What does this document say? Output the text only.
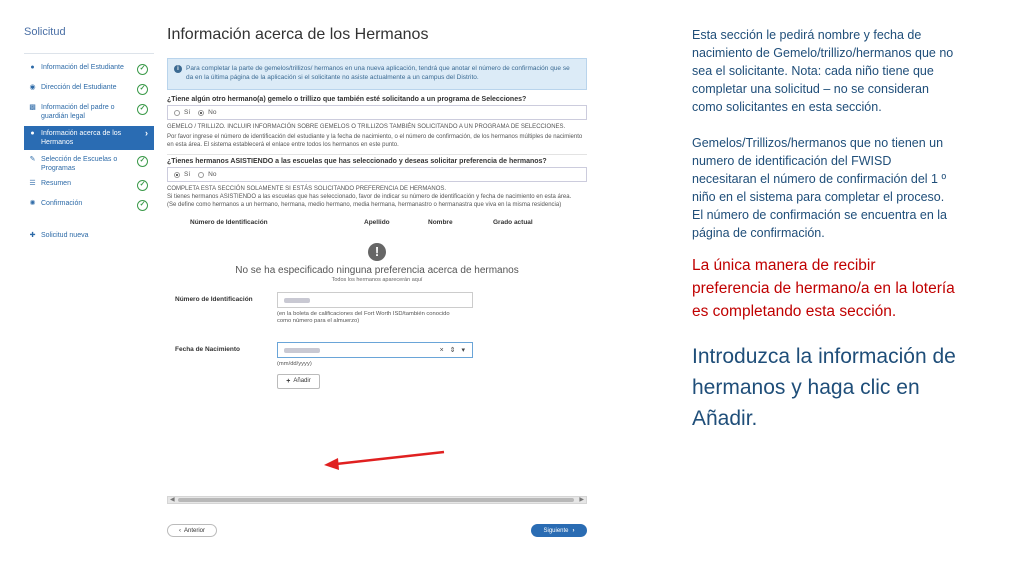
Solicitud
● Información del Estudiante	✓
◉ Dirección del Estudiante	✓
▩ Información del padre o guardián legal
✓
● Información acerca de los Hermanos
›
✎ Selección de Escuelas o Programas
✓
☰ Resumen	✓
✺ Confirmación	✓
✚ Solicitud nueva
Información acerca de los Hermanos
i	Para completar la parte de gemelos/trillizos/ hermanos en una nueva aplicación, tendrá que anotar el número de confirmación que se da en la última página de la aplicación si el solicitante no asiste actualmente a un campus del Distrito.
¿Tiene algún otro hermano(a) gemelo o trillizo que también esté solicitando a un programa de Selecciones?
Sí	No
GEMELO / TRILLIZO. INCLUIR INFORMACIÓN SOBRE GEMELOS O TRILLIZOS TAMBIÉN SOLICITANDO A UN PROGRAMA DE SELECCIONES.
Por favor ingrese el número de identificación del estudiante y la fecha de nacimiento, o el número de confirmación, de los hermanos múltiples de nacimiento en esta área. El sistema establecerá el enlace entre todos los hermanos en este punto.
¿Tienes hermanos ASISTIENDO a las escuelas que has seleccionado y deseas solicitar preferencia de hermanos?
Sí	No
COMPLETA ESTA SECCIÓN SOLAMENTE SI ESTÁS SOLICITANDO PREFERENCIA DE HERMANOS.
Si tienes hermanos ASISTIENDO a las escuelas que has seleccionado, favor de indicar su número de identificación y fecha de nacimiento en esta área.
(Se define como hermanos a un hermano, hermana, medio hermano, media hermana, hermanastro o hermanastra que viva en la misma residencia)
Número de Identificación	Apellido	Nombre	Grado actual
!
No se ha especificado ninguna preferencia acerca de hermanos
Todos los hermanos aparecerán aquí
Número de Identificación
(en la boleta de calificaciones del Fort Worth ISD/también conocido como número para el almuerzo)
Fecha de Nacimiento	× ⇕ ▾
(mm/dd/yyyy)
+ Añadir
◀	▶
‹ Anterior	Siguiente ›
Esta sección le pedirá nombre y fecha de nacimiento de Gemelo/trillizo/hermanos que no sea el solicitante. Nota: cada niño tiene que completar una solicitud – no se consideran como solicitantes en esta sección.
Gemelos/Trillizos/hermanos que no tienen un numero de identificación del FWISD necesitaran el número de confirmación del 1 º niño en el sistema para completar el proceso. El número de confirmación se encuentra en la página de confirmación.
La única manera de recibir preferencia de hermano/a en la lotería es completando esta sección.
Introduzca la información de hermanos y haga clic en Añadir.
